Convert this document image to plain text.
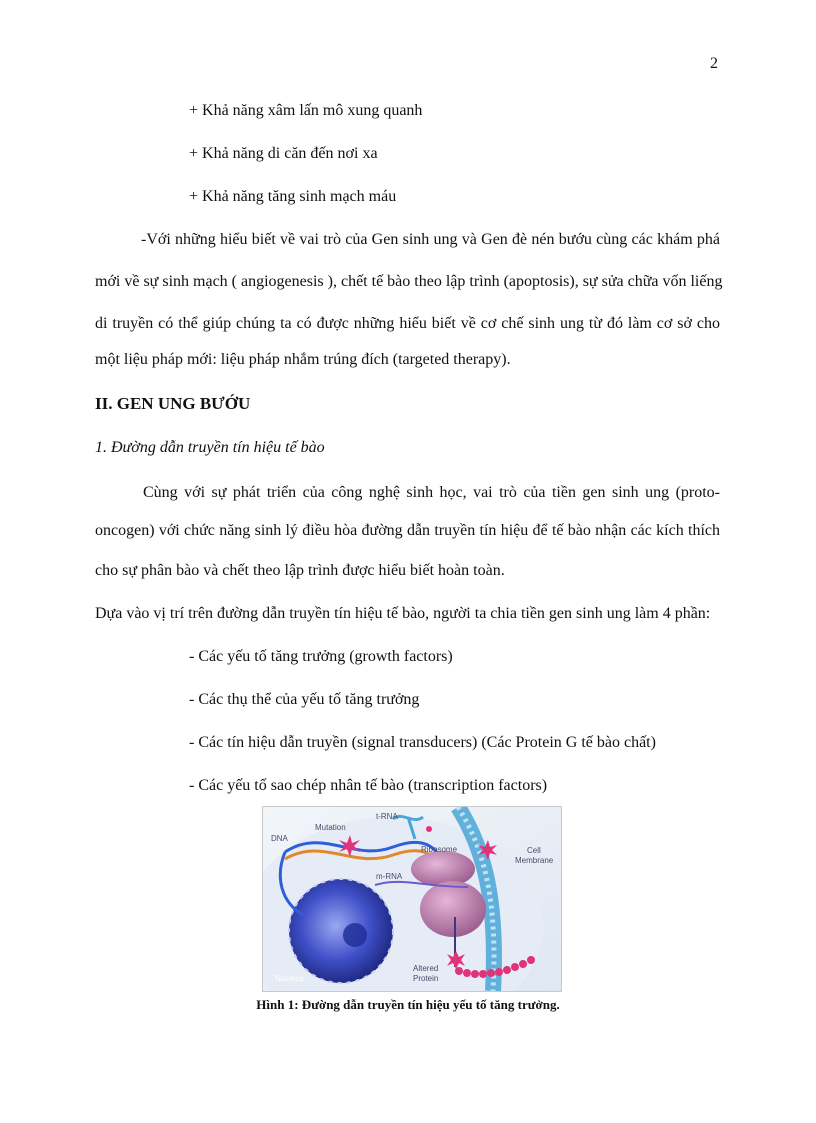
2
+ Khả năng xâm lấn mô xung quanh
+ Khả năng di căn đến nơi xa
+ Khả năng tăng sinh mạch máu
-Với những hiểu biết về vai trò của Gen sinh ung và Gen đè nén bướu cùng các khám phá
mới về sự sinh mạch ( angiogenesis ), chết tế bào theo lập trình (apoptosis), sự sửa chữa vốn liếng
di truyền có thể giúp chúng ta có được những hiểu biết về cơ chế sinh ung từ đó làm cơ sở cho
một liệu pháp mới: liệu pháp nhắm trúng đích (targeted therapy).
II. GEN UNG BƯỚU
1. Đường dẫn truyền tín hiệu tế bào
Cùng với sự phát triển của công nghệ sinh học, vai trò của tiền gen sinh ung (proto-
oncogen) với chức năng sinh lý điều hòa đường dẫn truyền tín hiệu để tế bào nhận các kích thích
cho sự phân bào và chết theo lập trình được hiểu biết hoàn toàn.
Dựa vào vị trí trên đường dẫn truyền tín hiệu tế bào, người ta chia tiền gen sinh ung làm 4 phần:
- Các yếu tố tăng trưởng (growth factors)
- Các thụ thể của yếu tố tăng trưởng
- Các tín hiệu dẫn truyền (signal transducers) (Các Protein G tế bào chất)
- Các yếu tố sao chép nhân tế bào (transcription factors)
t-RNA
Mutation
DNA
Ribosome	Cell
Membrane
m-RNA
Altered
Protein
Nucleus
Hình 1: Đường dẫn truyền tín hiệu yếu tố tăng trưởng.
